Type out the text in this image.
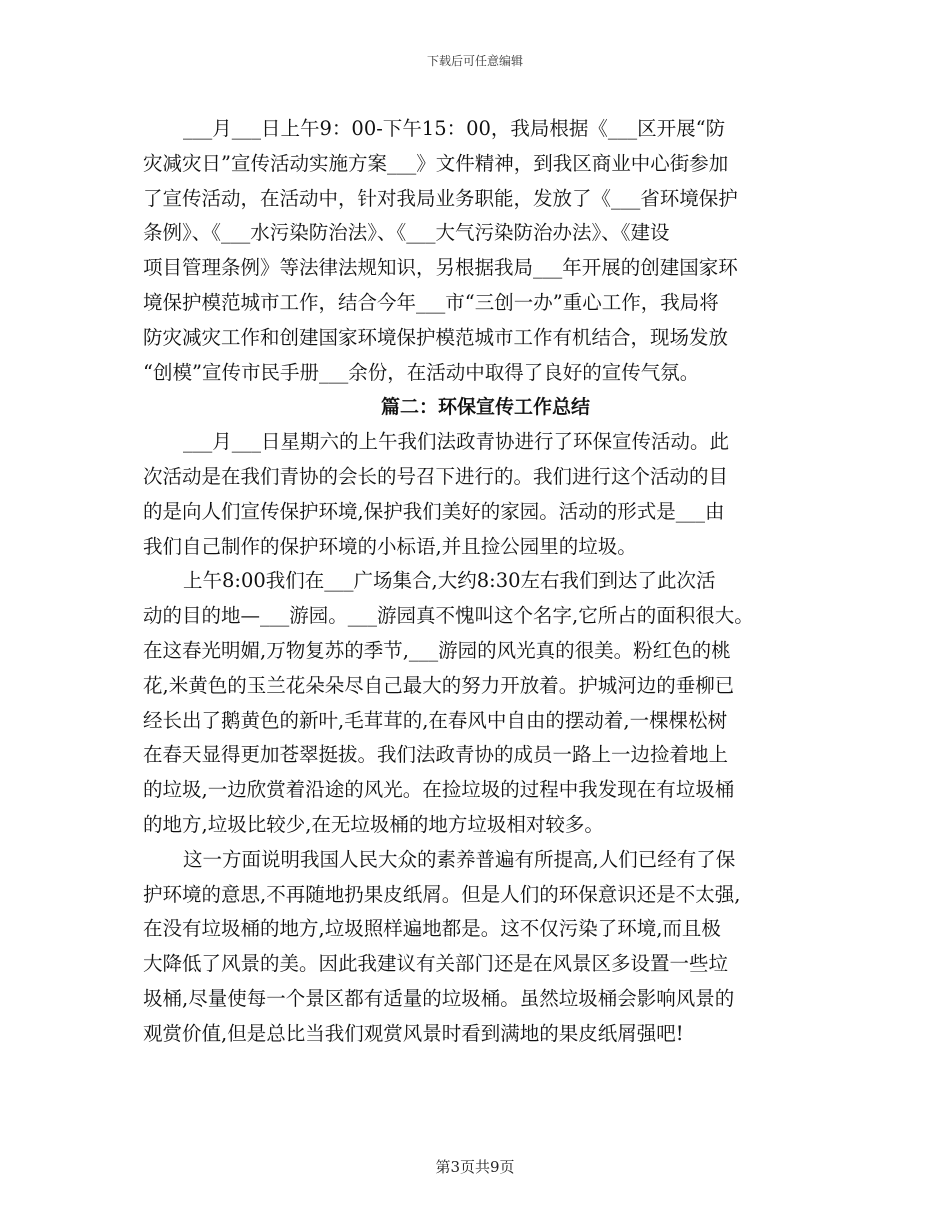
下载后可任意编辑
___月___日上午9：00-下午15：00，我局根据《___区开展“防
灾减灾日”宣传活动实施方案___》文件精神，到我区商业中心街参加
了宣传活动，在活动中，针对我局业务职能，发放了《___省环境保护
条例》、《___水污染防治法》、《___大气污染防治办法》、《建设
项目管理条例》等法律法规知识，另根据我局___年开展的创建国家环
境保护模范城市工作，结合今年___市“三创一办”重心工作，我局将
防灾减灾工作和创建国家环境保护模范城市工作有机结合，现场发放
“创模”宣传市民手册___余份，在活动中取得了良好的宣传气氛。
篇二：环保宣传工作总结
___月___日星期六的上午我们法政青协进行了环保宣传活动。此
次活动是在我们青协的会长的号召下进行的。我们进行这个活动的目
的是向人们宣传保护环境,保护我们美好的家园。活动的形式是___由
我们自己制作的保护环境的小标语,并且捡公园里的垃圾。
上午8:00我们在___广场集合,大约8:30左右我们到达了此次活
动的目的地—___游园。___游园真不愧叫这个名字,它所占的面积很大。
在这春光明媚,万物复苏的季节,___游园的风光真的很美。粉红色的桃
花,米黄色的玉兰花朵朵尽自己最大的努力开放着。护城河边的垂柳已
经长出了鹅黄色的新叶,毛茸茸的,在春风中自由的摆动着,一棵棵松树
在春天显得更加苍翠挺拔。我们法政青协的成员一路上一边捡着地上
的垃圾,一边欣赏着沿途的风光。在捡垃圾的过程中我发现在有垃圾桶
的地方,垃圾比较少,在无垃圾桶的地方垃圾相对较多。
这一方面说明我国人民大众的素养普遍有所提高,人们已经有了保
护环境的意思,不再随地扔果皮纸屑。但是人们的环保意识还是不太强,
在没有垃圾桶的地方,垃圾照样遍地都是。这不仅污染了环境,而且极
大降低了风景的美。因此我建议有关部门还是在风景区多设置一些垃
圾桶,尽量使每一个景区都有适量的垃圾桶。虽然垃圾桶会影响风景的
观赏价值,但是总比当我们观赏风景时看到满地的果皮纸屑强吧!
第3页共9页
